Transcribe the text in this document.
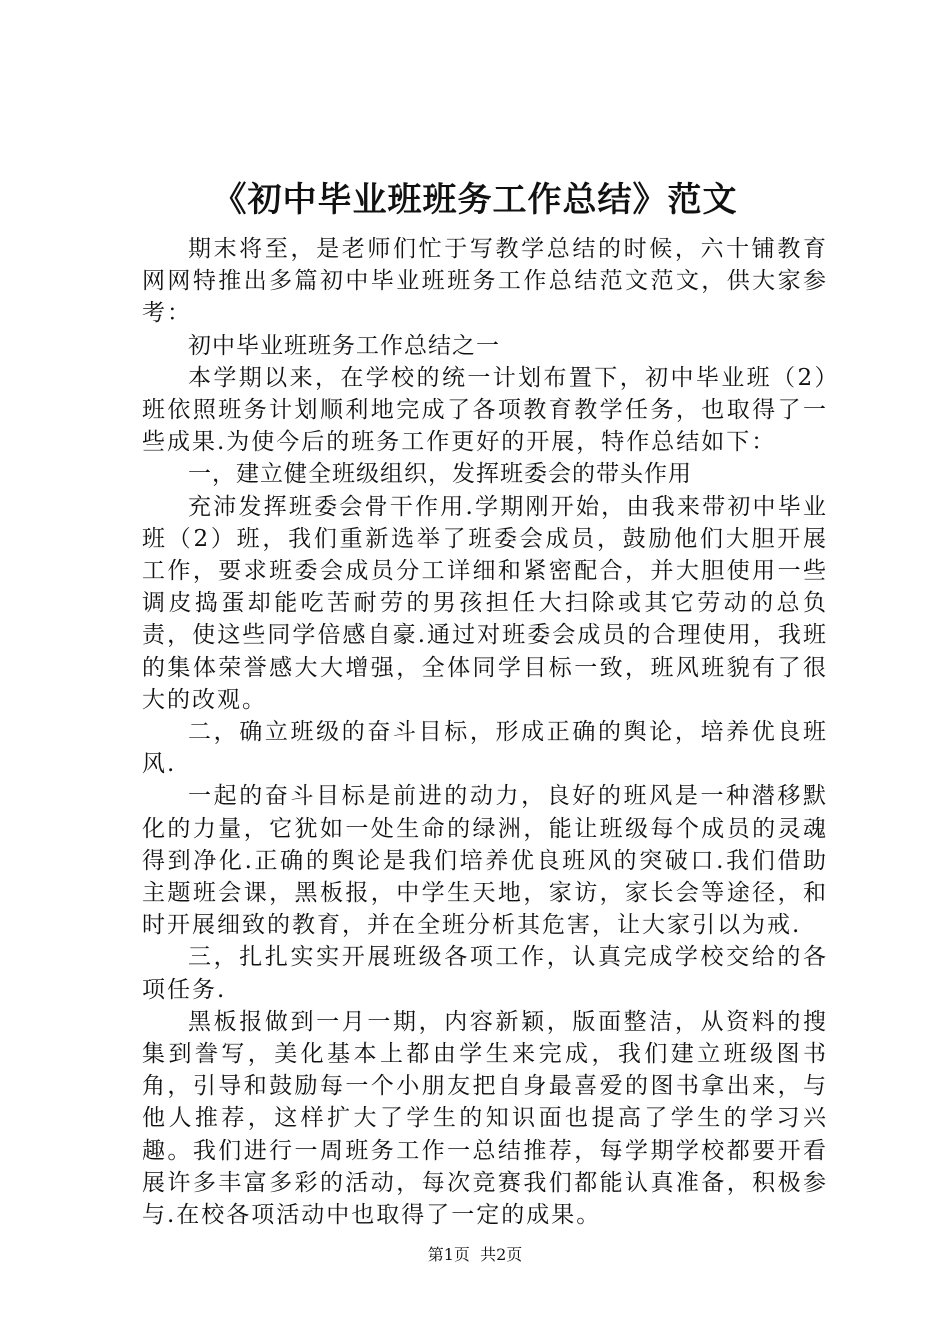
《初中毕业班班务工作总结》范文

期末将至，是老师们忙于写教学总结的时候，六十铺教育网网特推出多篇初中毕业班班务工作总结范文范文，供大家参考：

初中毕业班班务工作总结之一

本学期以来，在学校的统一计划布置下，初中毕业班（2）班依照班务计划顺利地完成了各项教育教学任务，也取得了一些成果.为使今后的班务工作更好的开展，特作总结如下：

一，建立健全班级组织，发挥班委会的带头作用

充沛发挥班委会骨干作用.学期刚开始，由我来带初中毕业班（2）班，我们重新选举了班委会成员，鼓励他们大胆开展工作，要求班委会成员分工详细和紧密配合，并大胆使用一些调皮捣蛋却能吃苦耐劳的男孩担任大扫除或其它劳动的总负责，使这些同学倍感自豪.通过对班委会成员的合理使用，我班的集体荣誉感大大增强，全体同学目标一致，班风班貌有了很大的改观。

二，确立班级的奋斗目标，形成正确的舆论，培养优良班风.

一起的奋斗目标是前进的动力，良好的班风是一种潜移默化的力量，它犹如一处生命的绿洲，能让班级每个成员的灵魂得到净化.正确的舆论是我们培养优良班风的突破口.我们借助主题班会课，黑板报，中学生天地，家访，家长会等途径，和时开展细致的教育，并在全班分析其危害，让大家引以为戒.

三，扎扎实实开展班级各项工作，认真完成学校交给的各项任务.

黑板报做到一月一期，内容新颖，版面整洁，从资料的搜集到誊写，美化基本上都由学生来完成，我们建立班级图书角，引导和鼓励每一个小朋友把自身最喜爱的图书拿出来，与他人推荐，这样扩大了学生的知识面也提高了学生的学习兴趣。我们进行一周班务工作一总结推荐，每学期学校都要开看展许多丰富多彩的活动，每次竞赛我们都能认真准备，积极参与.在校各项活动中也取得了一定的成果。

第1页 共2页
